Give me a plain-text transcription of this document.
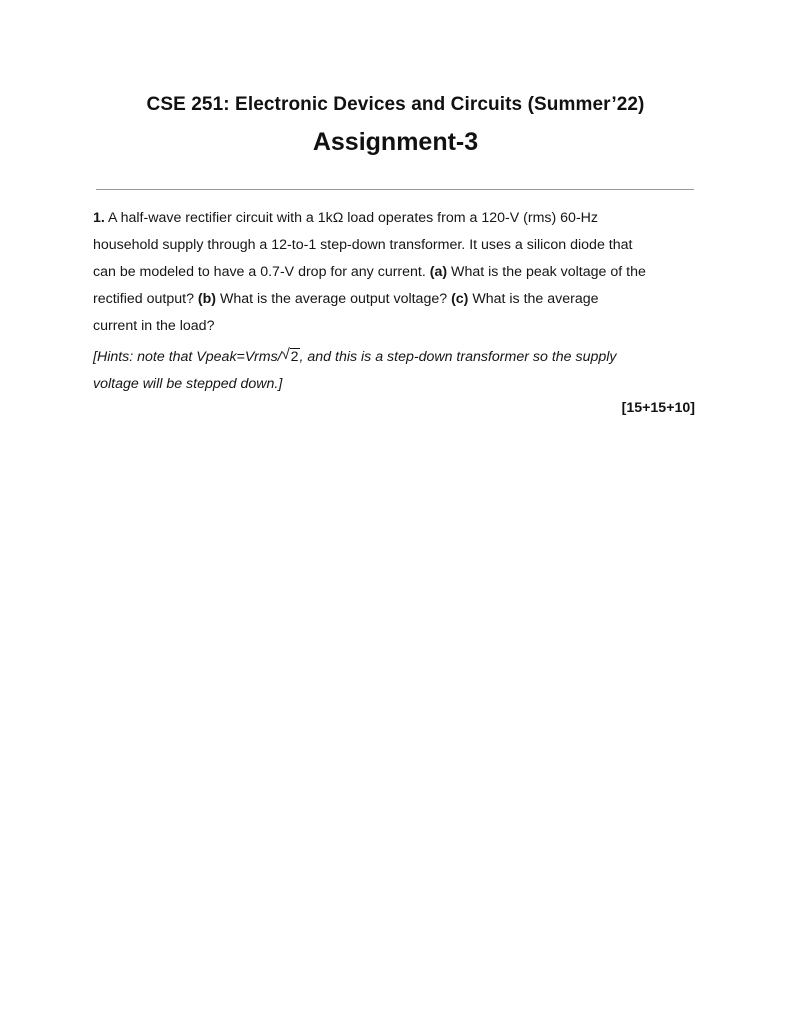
CSE 251: Electronic Devices and Circuits (Summer’22)
Assignment-3
1. A half-wave rectifier circuit with a 1kΩ load operates from a 120-V (rms) 60-Hz
household supply through a 12-to-1 step-down transformer. It uses a silicon diode that
can be modeled to have a 0.7-V drop for any current. (a) What is the peak voltage of the
rectified output? (b) What is the average output voltage? (c) What is the average
current in the load?
[Hints: note that Vpeak=Vrms/ √ 2, and this is a step-down transformer so the supply
voltage will be stepped down.]
[15+15+10]
